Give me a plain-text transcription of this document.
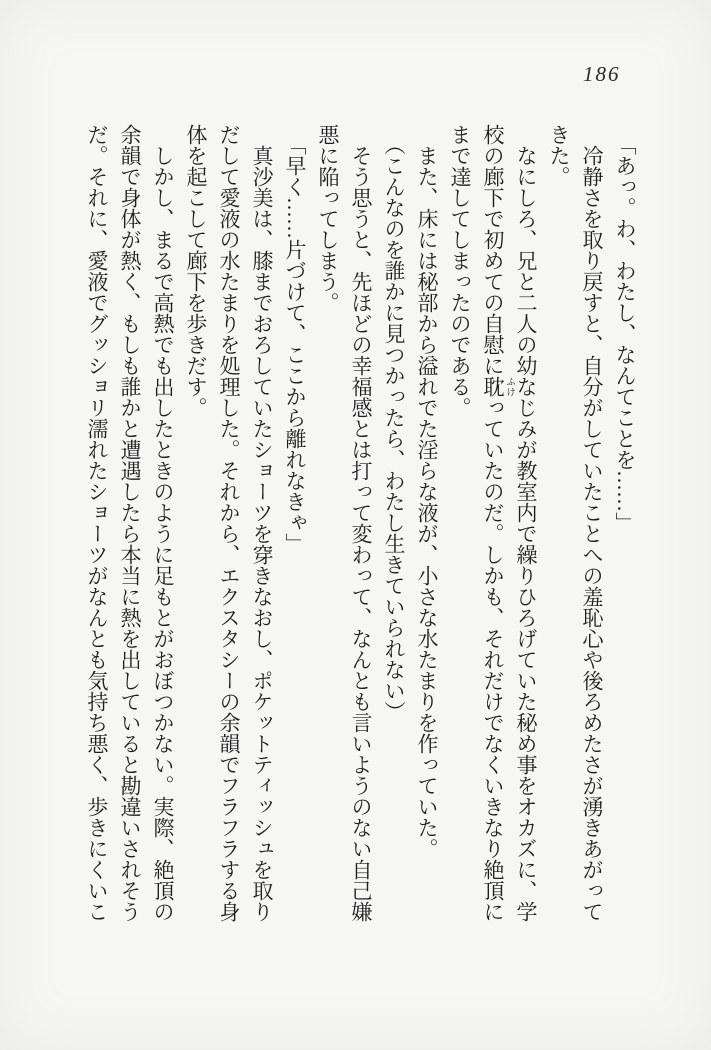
186

「あっ。わ、わたし、なんてことを……」

冷静さを取り戻すと、自分がしていたことへの羞恥心や後ろめたさが湧きあがってきた。

なにしろ、兄と二人の幼なじみが教室内で繰りひろげていた秘め事をオカズに、学校の廊下で初めての自慰に耽 ふけっていたのだ。しかも、それだけでなくいきなり絶頂にまで達してしまったのである。

また、床には秘部から溢れでた淫らな液が、小さな水たまりを作っていた。

（こんなのを誰かに見つかったら、わたし生きていられない）

そう思うと、先ほどの幸福感とは打って変わって、なんとも言いようのない自己嫌悪に陥ってしまう。

「早く……片づけて、ここから離れなきゃ」

真沙美は、膝までおろしていたショーツを穿きなおし、ポケットティッシュを取りだして愛液の水たまりを処理した。それから、エクスタシーの余韻でフラフラする身体を起こして廊下を歩きだす。

しかし、まるで高熱でも出したときのように足もとがおぼつかない。実際、絶頂の余韻で身体が熱く、もしも誰かと遭遇したら本当に熱を出していると勘違いされそうだ。それに、愛液でグッショリ濡れたショーツがなんとも気持ち悪く、歩きにくいこ
